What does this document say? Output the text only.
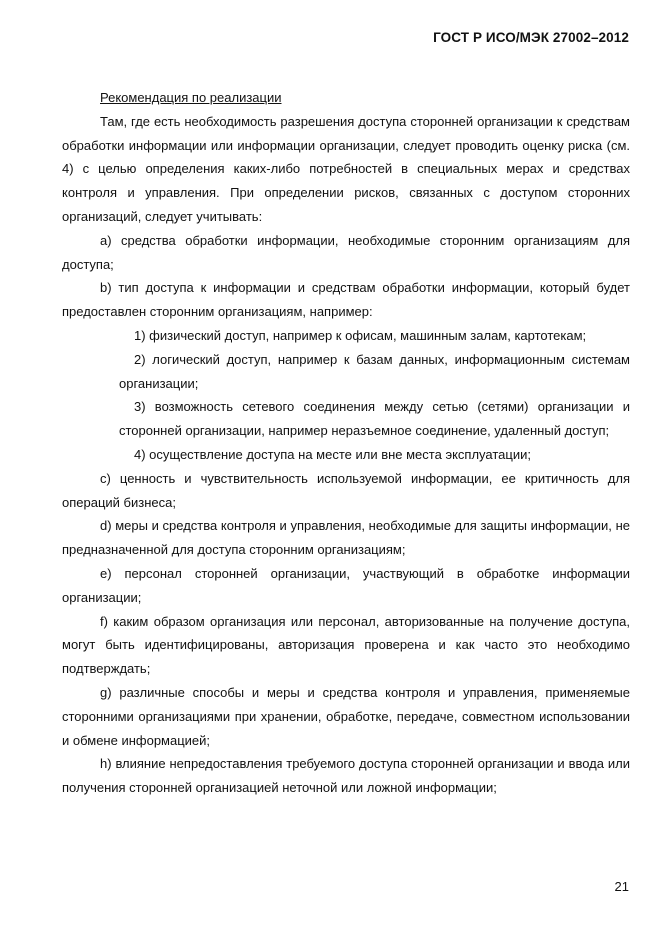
ГОСТ Р ИСО/МЭК 27002–2012

Рекомендация по реализации

Там, где есть необходимость разрешения доступа сторонней организации к средствам обработки информации или информации организации, следует проводить оценку риска (см. 4) с целью определения каких-либо потребностей в специальных мерах и средствах контроля и управления. При определении рисков, связанных с доступом сторонних организаций, следует учитывать:

a) средства обработки информации, необходимые сторонним организациям для доступа;

b) тип доступа к информации и средствам обработки информации, который будет предоставлен сторонним организациям, например:

1) физический доступ, например к офисам, машинным залам, картотекам;

2) логический доступ, например к базам данных, информационным системам организации;

3) возможность сетевого соединения между сетью (сетями) организации и сторонней организации, например неразъемное соединение, удаленный доступ;

4) осуществление доступа на месте или вне места эксплуатации;

c) ценность и чувствительность используемой информации, ее критичность для операций бизнеса;

d) меры и средства контроля и управления, необходимые для защиты информации, не предназначенной для доступа сторонним организациям;

e) персонал сторонней организации, участвующий в обработке информации организации;

f) каким образом организация или персонал, авторизованные на получение доступа, могут быть идентифицированы, авторизация проверена и как часто это необходимо подтверждать;

g) различные способы и меры и средства контроля и управления, применяемые сторонними организациями при хранении, обработке, передаче, совместном использовании и обмене информацией;

h) влияние непредоставления требуемого доступа сторонней организации и ввода или получения сторонней организацией неточной или ложной информации;

21
